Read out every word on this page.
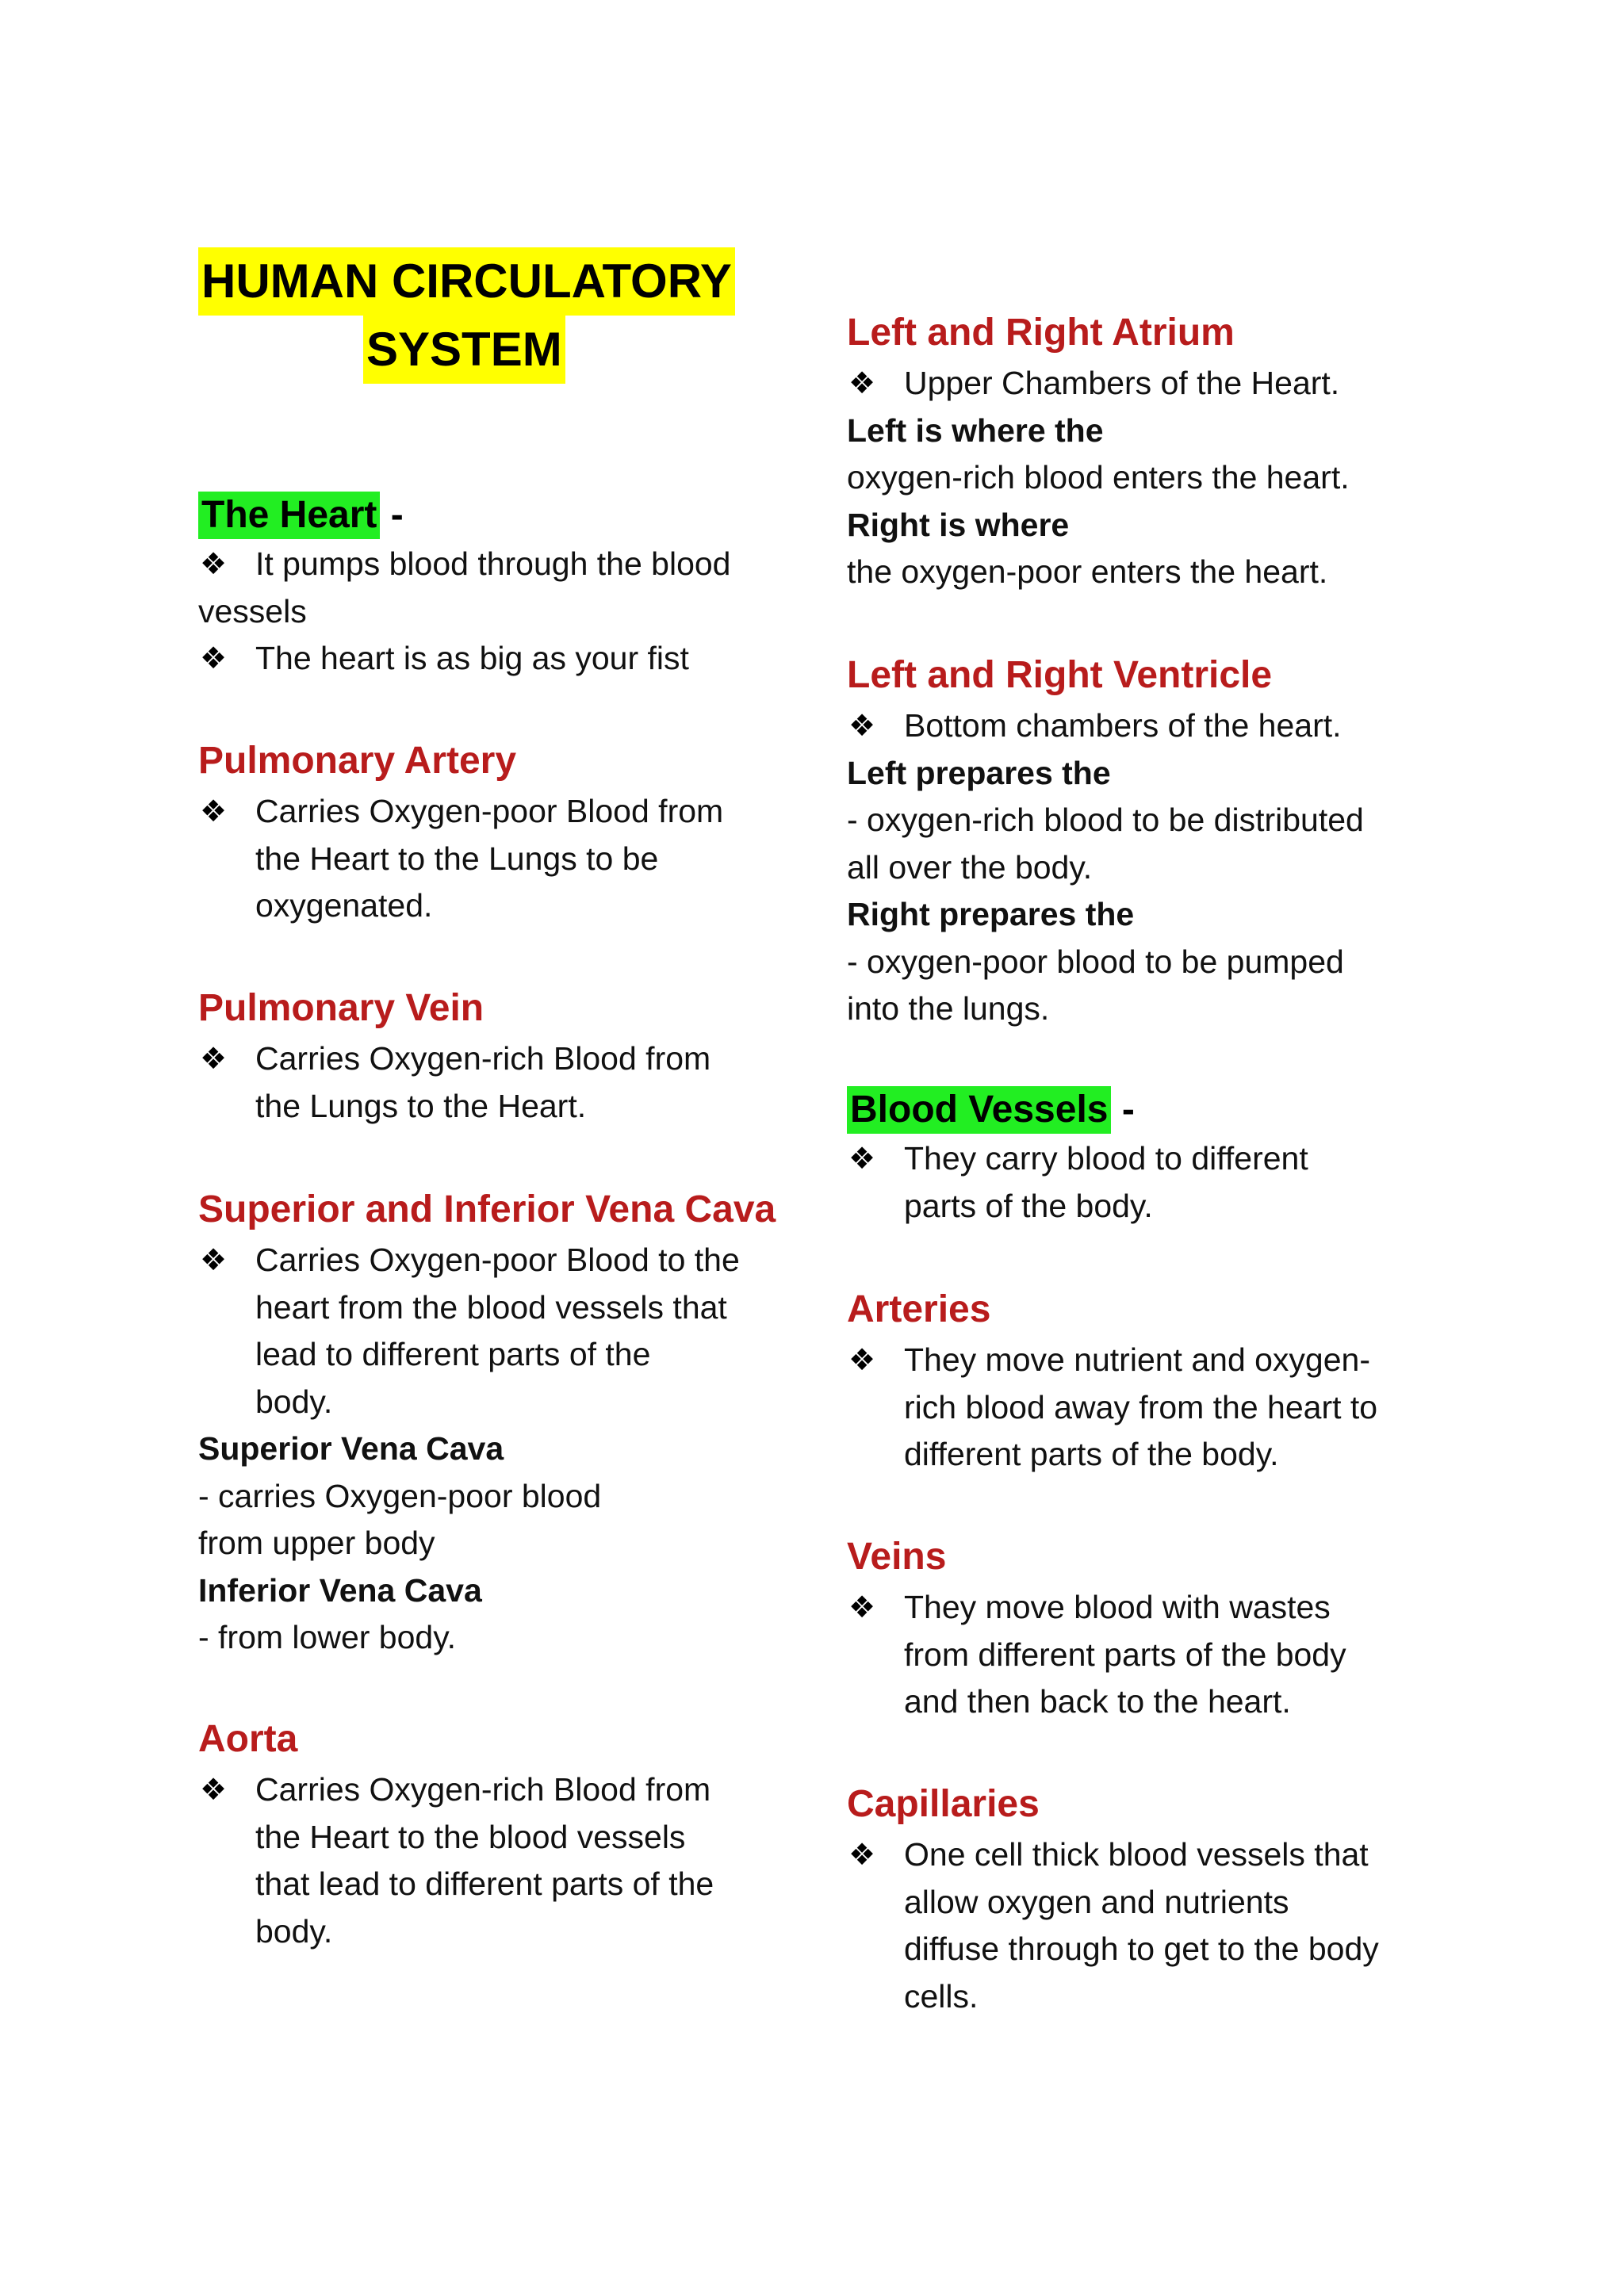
HUMAN CIRCULATORY
SYSTEM
The Heart -
❖ It pumps blood through the blood
vessels
❖ The heart is as big as your fist
Pulmonary Artery
❖ Carries Oxygen-poor Blood from
the Heart to the Lungs to be
oxygenated.
Pulmonary Vein
❖ Carries Oxygen-rich Blood from
the Lungs to the Heart.
Superior and Inferior Vena Cava
❖ Carries Oxygen-poor Blood to the
heart from the blood vessels that
lead to different parts of the
body.
Superior Vena Cava
- carries Oxygen-poor blood
from upper body
Inferior Vena Cava
- from lower body.
Aorta
❖ Carries Oxygen-rich Blood from
the Heart to the blood vessels
that lead to different parts of the
body.
Left and Right Atrium
❖ Upper Chambers of the Heart.
Left is where the
oxygen-rich blood enters the heart.
Right is where
the oxygen-poor enters the heart.
Left and Right Ventricle
❖ Bottom chambers of the heart.
Left prepares the
- oxygen-rich blood to be distributed
all over the body.
Right prepares the
- oxygen-poor blood to be pumped
into the lungs.
Blood Vessels -
❖ They carry blood to different
parts of the body.
Arteries
❖ They move nutrient and oxygen-
rich blood away from the heart to
different parts of the body.
Veins
❖ They move blood with wastes
from different parts of the body
and then back to the heart.
Capillaries
❖ One cell thick blood vessels that
allow oxygen and nutrients
diffuse through to get to the body
cells.
